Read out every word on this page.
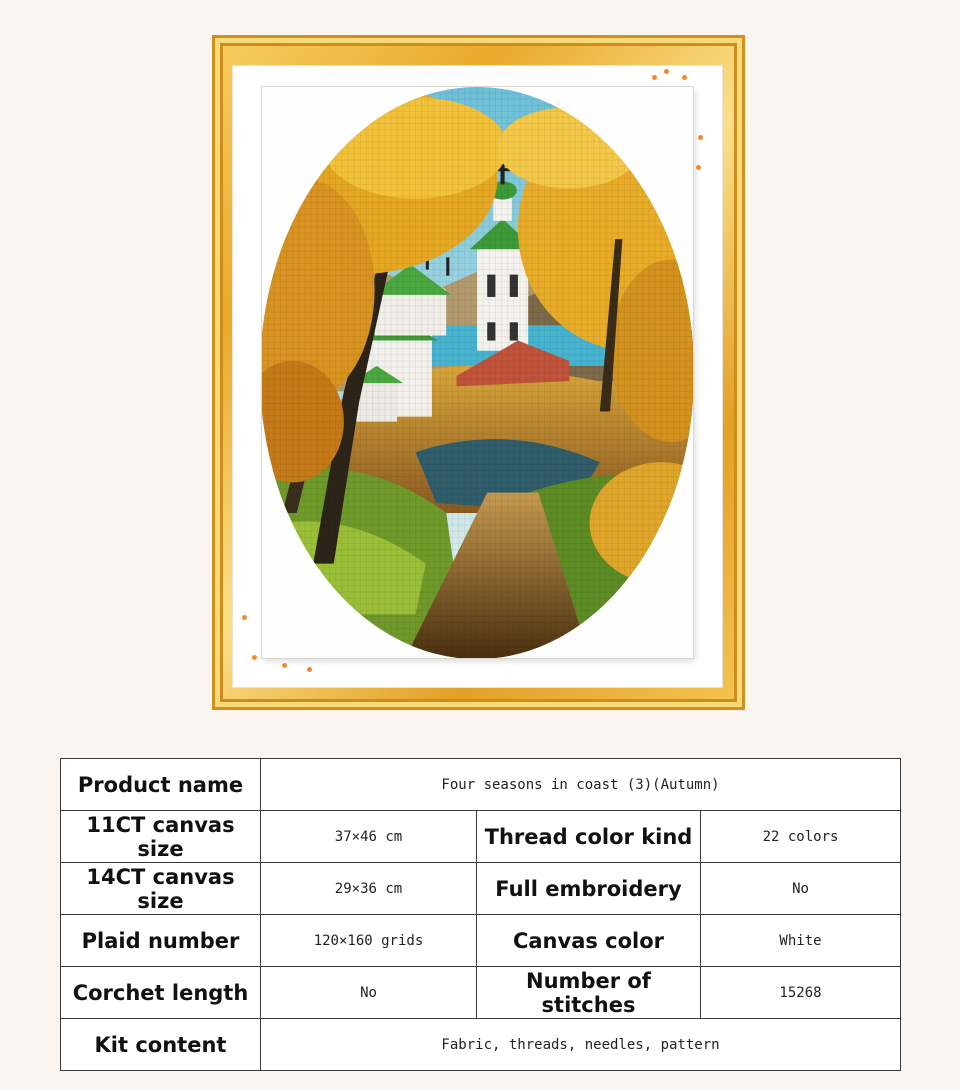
Product name	Four seasons in coast (3)(Autumn)		
11CT canvas size	37×46 cm	Thread color kind	22 colors
14CT canvas size	29×36 cm	Full embroidery	No
Plaid number	120×160 grids	Canvas color	White
Corchet length	No	Number of stitches	15268
Kit content	Fabric, threads, needles, pattern		
